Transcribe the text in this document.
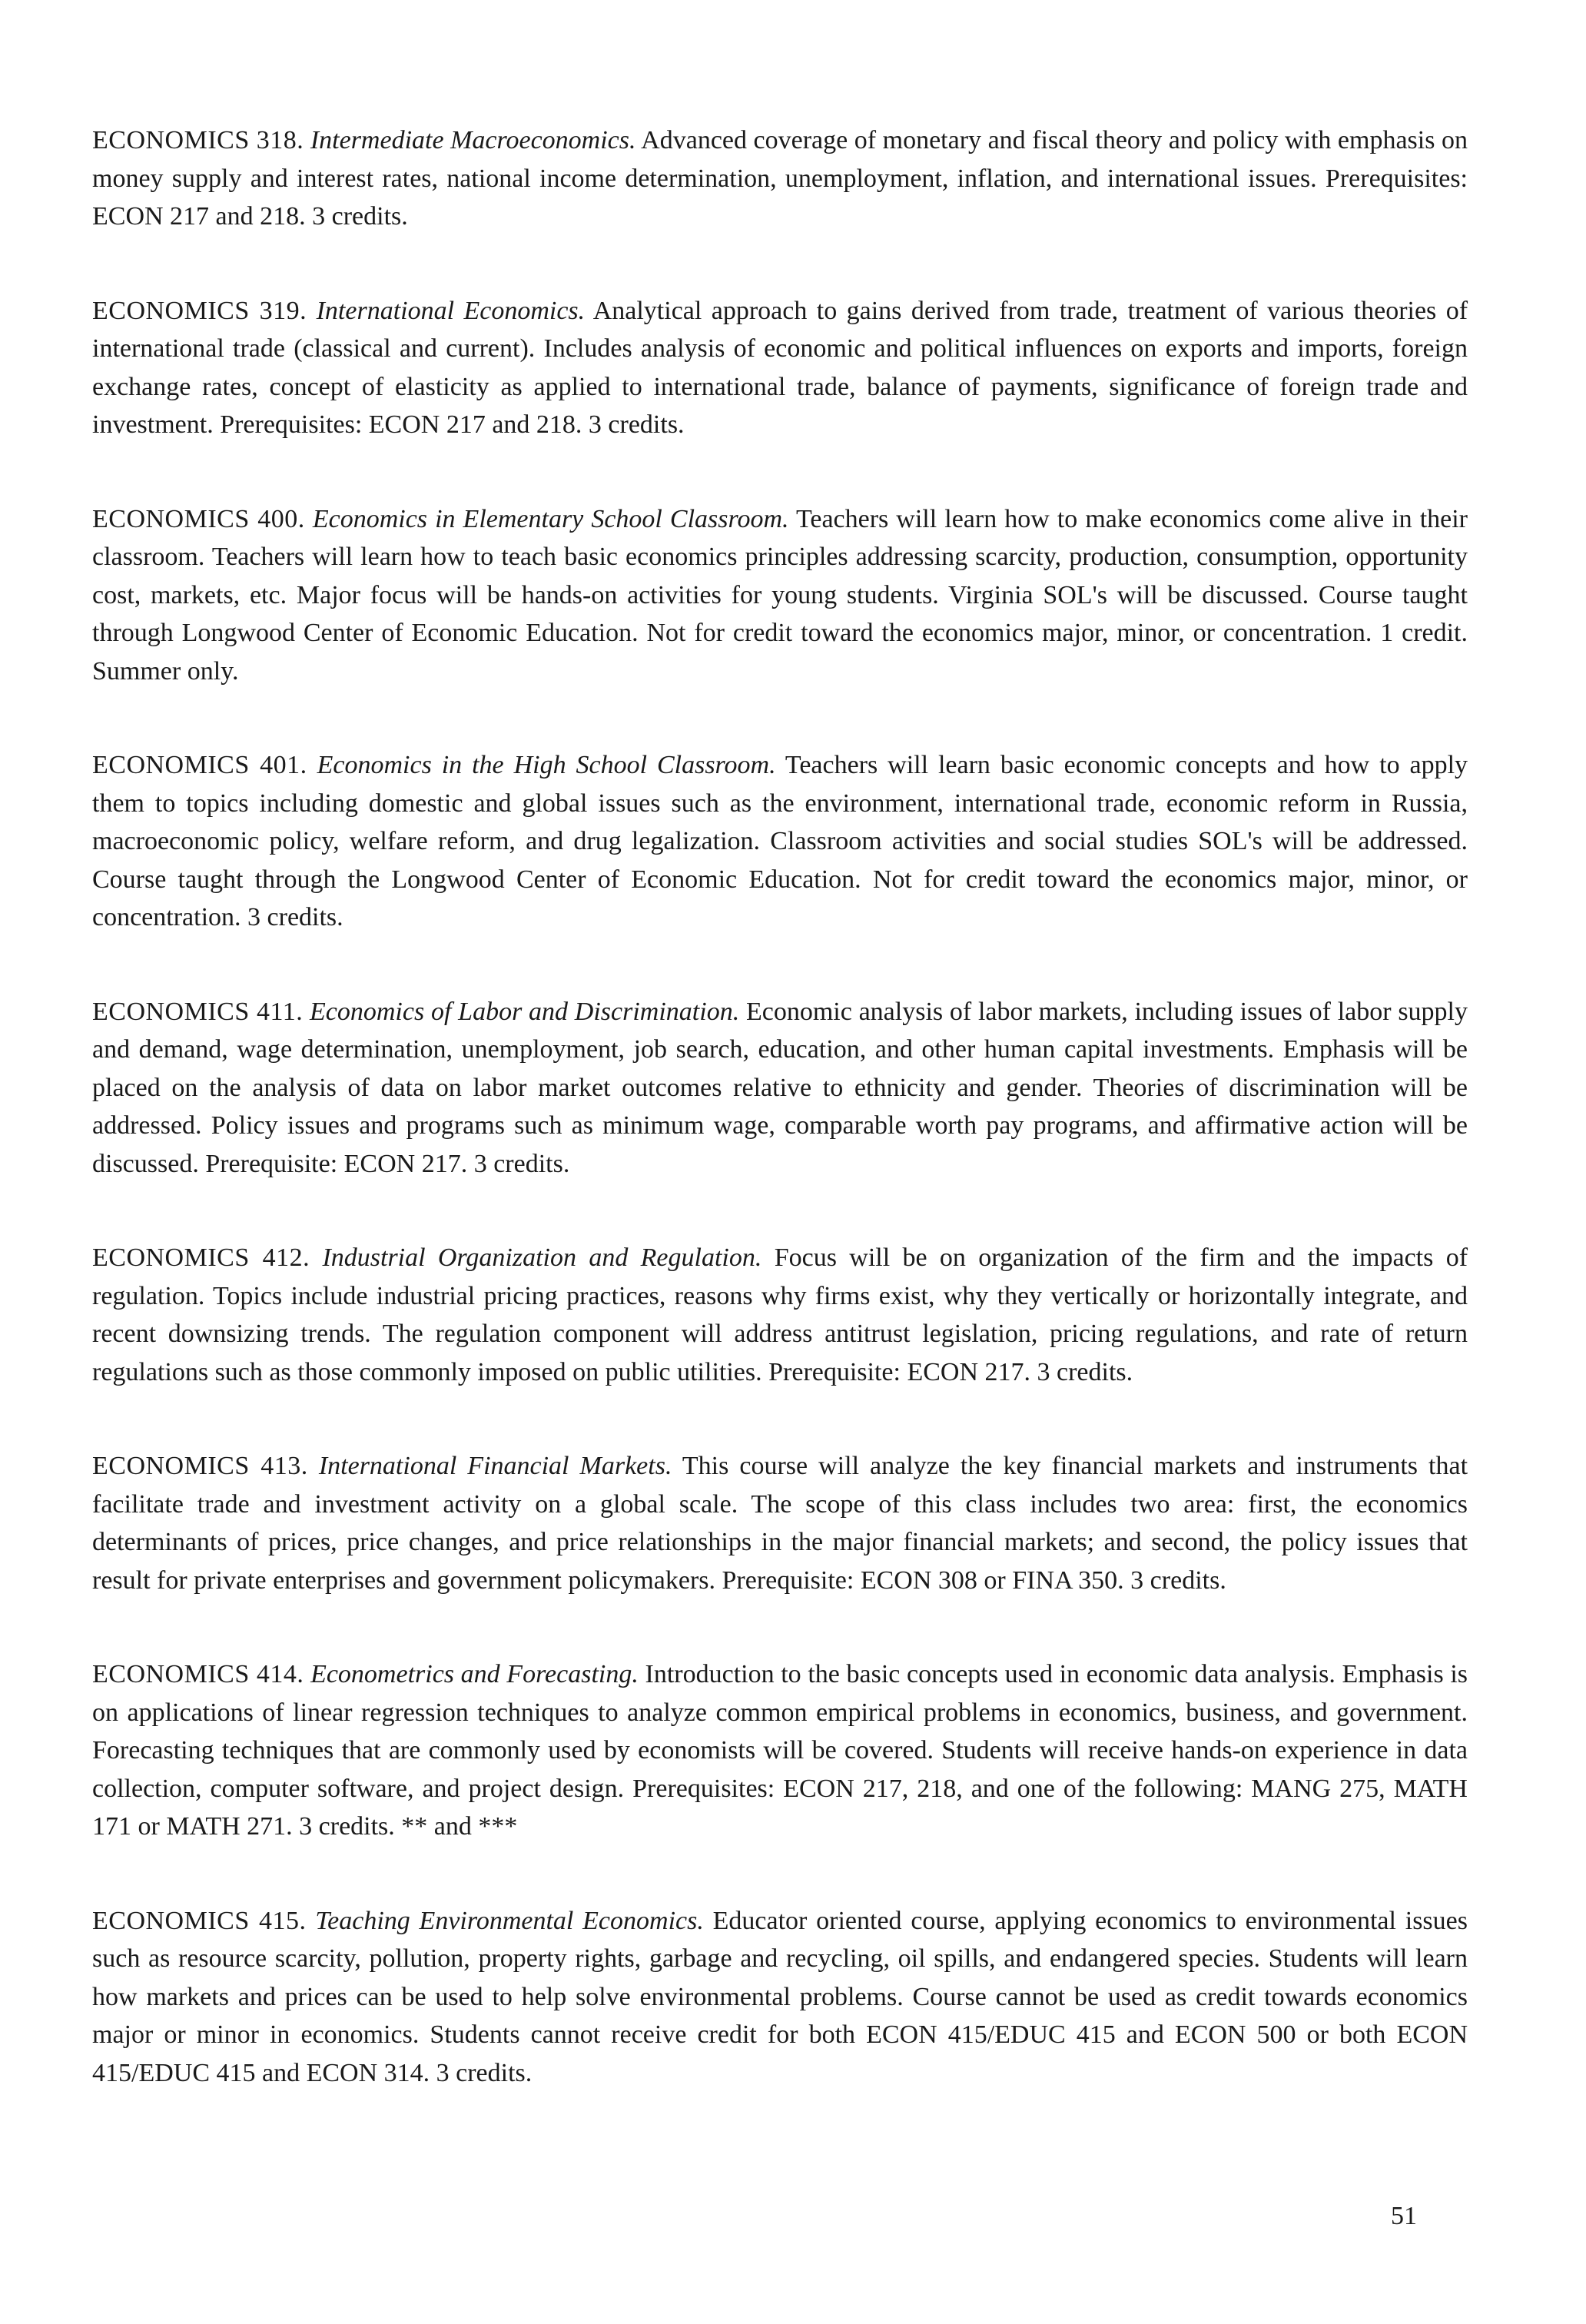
ECONOMICS 318. Intermediate Macroeconomics. Advanced coverage of monetary and fiscal theory and policy with emphasis on money supply and interest rates, national income determination, unemployment, inflation, and international issues. Prerequisites: ECON 217 and 218. 3 credits.

ECONOMICS 319. International Economics. Analytical approach to gains derived from trade, treatment of various theories of international trade (classical and current). Includes analysis of economic and political influences on exports and imports, foreign exchange rates, concept of elasticity as applied to international trade, balance of payments, significance of foreign trade and investment. Prerequisites: ECON 217 and 218. 3 credits.

ECONOMICS 400. Economics in Elementary School Classroom. Teachers will learn how to make economics come alive in their classroom. Teachers will learn how to teach basic economics principles addressing scarcity, production, consumption, opportunity cost, markets, etc. Major focus will be hands-on activities for young students. Virginia SOL's will be discussed. Course taught through Longwood Center of Economic Education. Not for credit toward the economics major, minor, or concentration. 1 credit. Summer only.

ECONOMICS 401. Economics in the High School Classroom. Teachers will learn basic economic concepts and how to apply them to topics including domestic and global issues such as the environment, international trade, economic reform in Russia, macroeconomic policy, welfare reform, and drug legalization. Classroom activities and social studies SOL's will be addressed. Course taught through the Longwood Center of Economic Education. Not for credit toward the economics major, minor, or concentration. 3 credits.

ECONOMICS 411. Economics of Labor and Discrimination. Economic analysis of labor markets, including issues of labor supply and demand, wage determination, unemployment, job search, education, and other human capital investments. Emphasis will be placed on the analysis of data on labor market outcomes relative to ethnicity and gender. Theories of discrimination will be addressed. Policy issues and programs such as minimum wage, comparable worth pay programs, and affirmative action will be discussed. Prerequisite: ECON 217. 3 credits.

ECONOMICS 412. Industrial Organization and Regulation. Focus will be on organization of the firm and the impacts of regulation. Topics include industrial pricing practices, reasons why firms exist, why they vertically or horizontally integrate, and recent downsizing trends. The regulation component will address antitrust legislation, pricing regulations, and rate of return regulations such as those commonly imposed on public utilities. Prerequisite: ECON 217. 3 credits.

ECONOMICS 413. International Financial Markets. This course will analyze the key financial markets and instruments that facilitate trade and investment activity on a global scale. The scope of this class includes two area: first, the economics determinants of prices, price changes, and price relationships in the major financial markets; and second, the policy issues that result for private enterprises and government policymakers. Prerequisite: ECON 308 or FINA 350. 3 credits.

ECONOMICS 414. Econometrics and Forecasting. Introduction to the basic concepts used in economic data analysis. Emphasis is on applications of linear regression techniques to analyze common empirical problems in economics, business, and government. Forecasting techniques that are commonly used by economists will be covered. Students will receive hands-on experience in data collection, computer software, and project design. Prerequisites: ECON 217, 218, and one of the following: MANG 275, MATH 171 or MATH 271. 3 credits. ** and ***

ECONOMICS 415. Teaching Environmental Economics. Educator oriented course, applying economics to environmental issues such as resource scarcity, pollution, property rights, garbage and recycling, oil spills, and endangered species. Students will learn how markets and prices can be used to help solve environmental problems. Course cannot be used as credit towards economics major or minor in economics. Students cannot receive credit for both ECON 415/EDUC 415 and ECON 500 or both ECON 415/EDUC 415 and ECON 314. 3 credits.

51
